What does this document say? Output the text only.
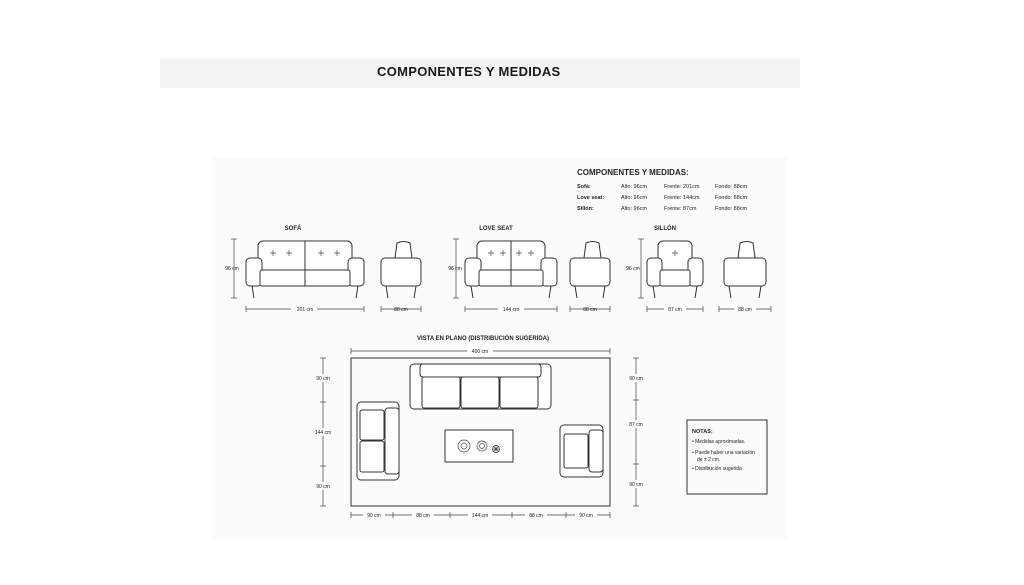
COMPONENTES Y MEDIDAS
COMPONENTES Y MEDIDAS:
Sofá:	Alto: 96cm	Frente: 201cm	Fondo: 88cm
Love seat:	Alto: 96cm	Frente: 144cm	Fondo: 88cm
Sillón:	Alto: 96cm	Frente: 87cm	Fondo: 88cm
SOFÁ
96 cm
201 cm	88 cm
LOVE SEAT
96 cm
144 cm	88 cm
SILLÓN
96 cm
87 cm	88 cm
VISTA EN PLANO (DISTRIBUCIÓN SUGERIDA)
400 cm
90 cm
144 cm
90 cm
90 cm
87 cm
90 cm
90 cm	88 cm	144 cm	88 cm	90 cm
NOTAS:
• Medidas aproximadas.
• Puede haber una variación
de ± 2 cm.
• Distribución sugerida
